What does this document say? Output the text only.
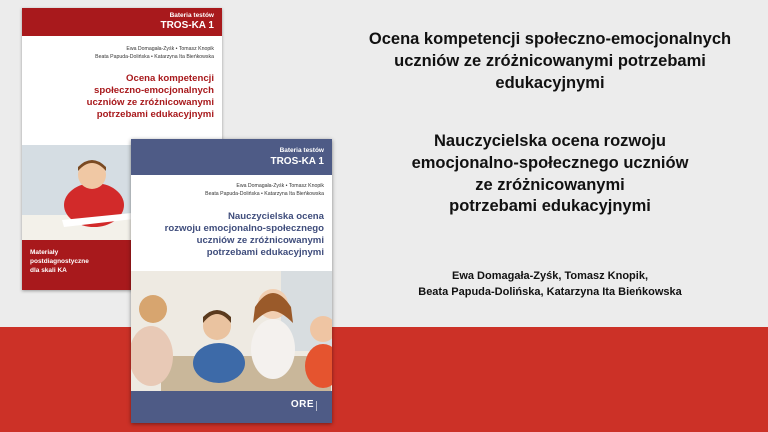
Bateria testów
TROS-KA 1
Ewa Domagała-Zyśk • Tomasz Knopik
Beata Papuda-Dolińska • Katarzyna Ita Bieńkowska
Ocena kompetencji
społeczno-emocjonalnych
uczniów ze zróżnicowanymi
potrzebami edukacyjnymi
Materiały
postdiagnostyczne
dla skali KA
Bateria testów
TROS-KA 1
Ewa Domagała-Zyśk • Tomasz Knopik
Beata Papuda-Dolińska • Katarzyna Ita Bieńkowska
Nauczycielska ocena
rozwoju emocjonalno-społecznego
uczniów ze zróżnicowanymi
potrzebami edukacyjnymi
ORE
Ocena kompetencji społeczno-emocjonalnych
uczniów ze zróżnicowanymi potrzebami
edukacyjnymi
Nauczycielska ocena rozwoju
emocjonalno-społecznego uczniów
ze zróżnicowanymi
potrzebami edukacyjnymi
Ewa Domagała-Zyśk, Tomasz Knopik,
Beata Papuda-Dolińska, Katarzyna Ita Bieńkowska
